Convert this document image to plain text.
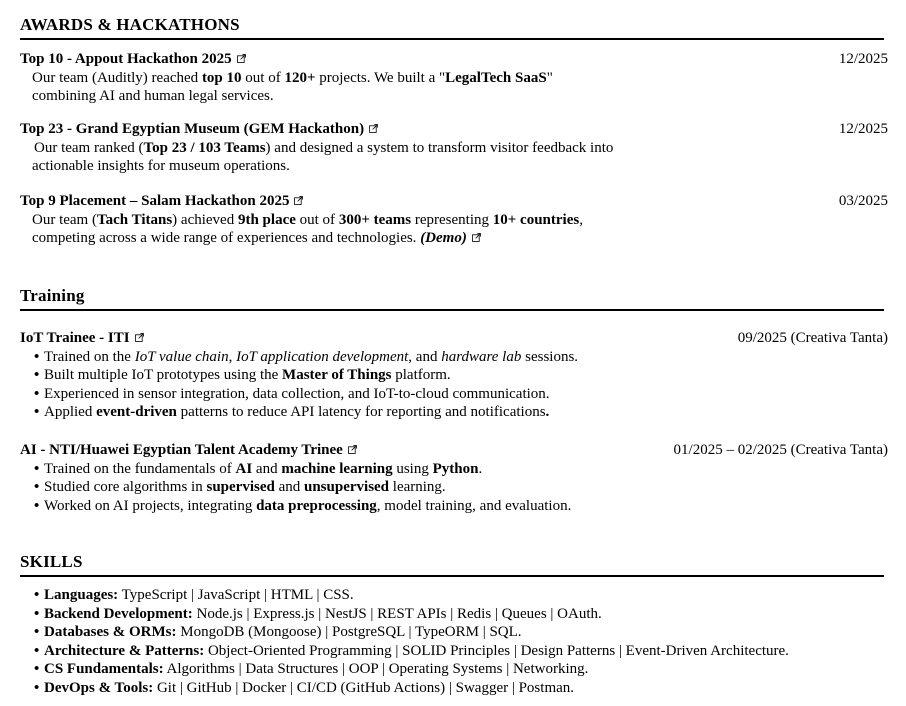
AWARDS & HACKATHONS
Top 10 - Appout Hackathon 2025	12/2025
Our team (Auditly) reached top 10 out of 120+ projects. We built a "LegalTech SaaS"
combining AI and human legal services.
Top 23 - Grand Egyptian Museum (GEM Hackathon)	12/2025
Our team ranked (Top 23 / 103 Teams) and designed a system to transform visitor feedback into
actionable insights for museum operations.
Top 9 Placement – Salam Hackathon 2025	03/2025
Our team (Tach Titans) achieved 9th place out of 300+ teams representing 10+ countries,
competing across a wide range of experiences and technologies. (Demo)
Training
IoT Trainee - ITI	09/2025 (Creativa Tanta)
• Trained on the IoT value chain, IoT application development, and hardware lab sessions.
• Built multiple IoT prototypes using the Master of Things platform.
• Experienced in sensor integration, data collection, and IoT-to-cloud communication.
• Applied event-driven patterns to reduce API latency for reporting and notifications.
AI - NTI/Huawei Egyptian Talent Academy Trinee	01/2025 – 02/2025 (Creativa Tanta)
• Trained on the fundamentals of AI and machine learning using Python.
• Studied core algorithms in supervised and unsupervised learning.
• Worked on AI projects, integrating data preprocessing, model training, and evaluation.
SKILLS
• Languages: TypeScript | JavaScript | HTML | CSS.
• Backend Development: Node.js | Express.js | NestJS | REST APIs | Redis | Queues | OAuth.
• Databases & ORMs: MongoDB (Mongoose) | PostgreSQL | TypeORM | SQL.
• Architecture & Patterns: Object-Oriented Programming | SOLID Principles | Design Patterns | Event-Driven Architecture.
• CS Fundamentals: Algorithms | Data Structures | OOP | Operating Systems | Networking.
• DevOps & Tools: Git | GitHub | Docker | CI/CD (GitHub Actions) | Swagger | Postman.
